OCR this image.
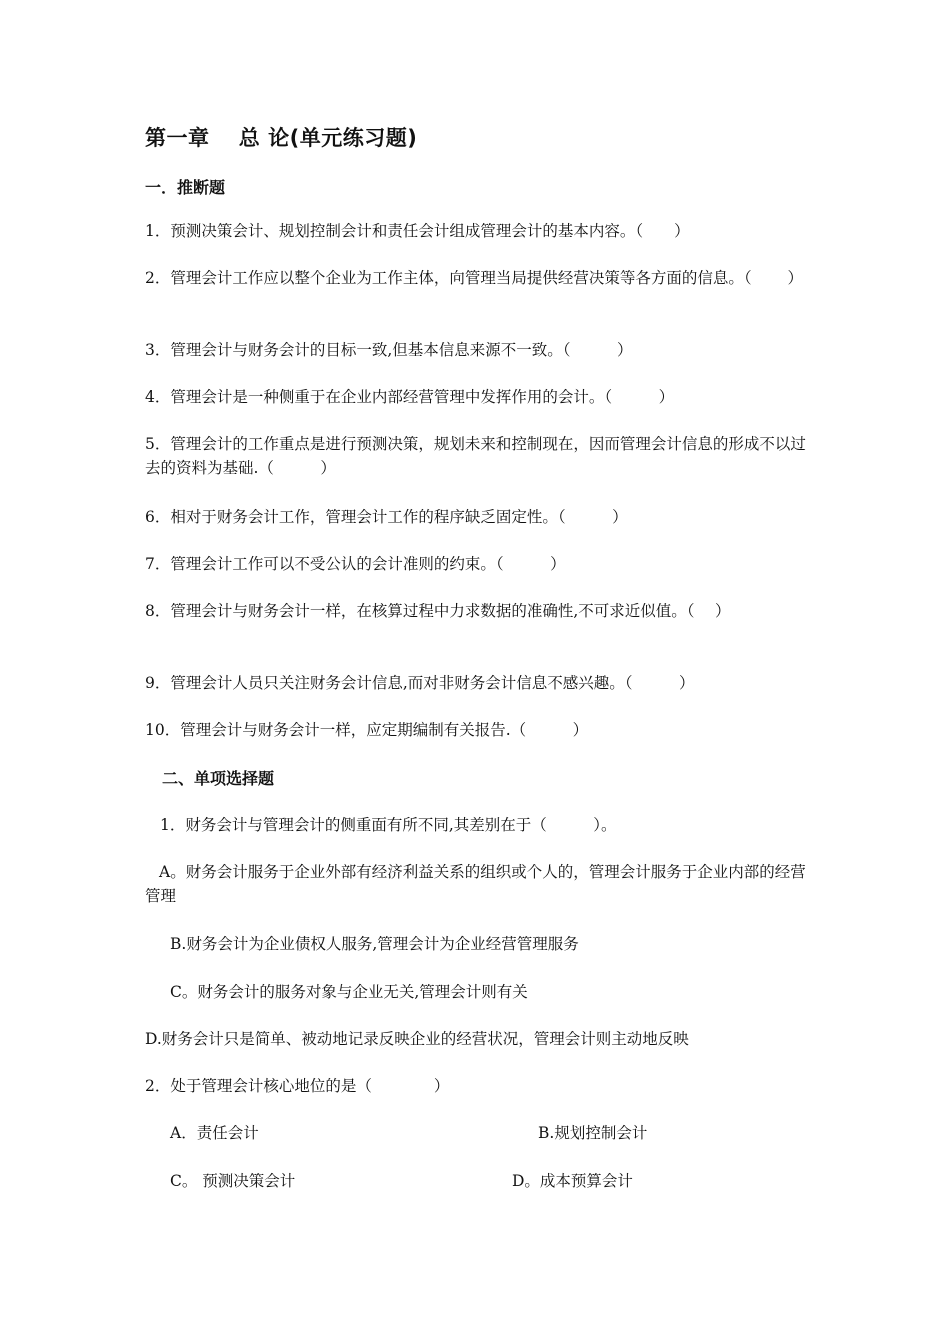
第一章　 总 论(单元练习题)
一．推断题
1．预测决策会计、规划控制会计和责任会计组成管理会计的基本内容。（　　）
2．管理会计工作应以整个企业为工作主体，向管理当局提供经营决策等各方面的信息。（　　 ）
3．管理会计与财务会计的目标一致,但基本信息来源不一致。（　　　）
4．管理会计是一种侧重于在企业内部经营管理中发挥作用的会计。（　　　）
5．管理会计的工作重点是进行预测决策，规划未来和控制现在，因而管理会计信息的形成不以过去的资料为基础.（　　　）
6．相对于财务会计工作，管理会计工作的程序缺乏固定性。（　　　）
7．管理会计工作可以不受公认的会计准则的约束。（　　　）
8．管理会计与财务会计一样，在核算过程中力求数据的准确性,不可求近似值。（　 ）
9．管理会计人员只关注财务会计信息,而对非财务会计信息不感兴趣。（　　　）
10．管理会计与财务会计一样，应定期编制有关报告.（　　　）
二、单项选择题
1．财务会计与管理会计的侧重面有所不同,其差别在于（　　　）。
A。财务会计服务于企业外部有经济利益关系的组织或个人的，管理会计服务于企业内部的经营管理
B.财务会计为企业债权人服务,管理会计为企业经营管理服务
C。财务会计的服务对象与企业无关,管理会计则有关
D.财务会计只是简单、被动地记录反映企业的经营状况，管理会计则主动地反映
2．处于管理会计核心地位的是（　　　　）
A．责任会计	B.规划控制会计
C。 预测决策会计	D。成本预算会计
